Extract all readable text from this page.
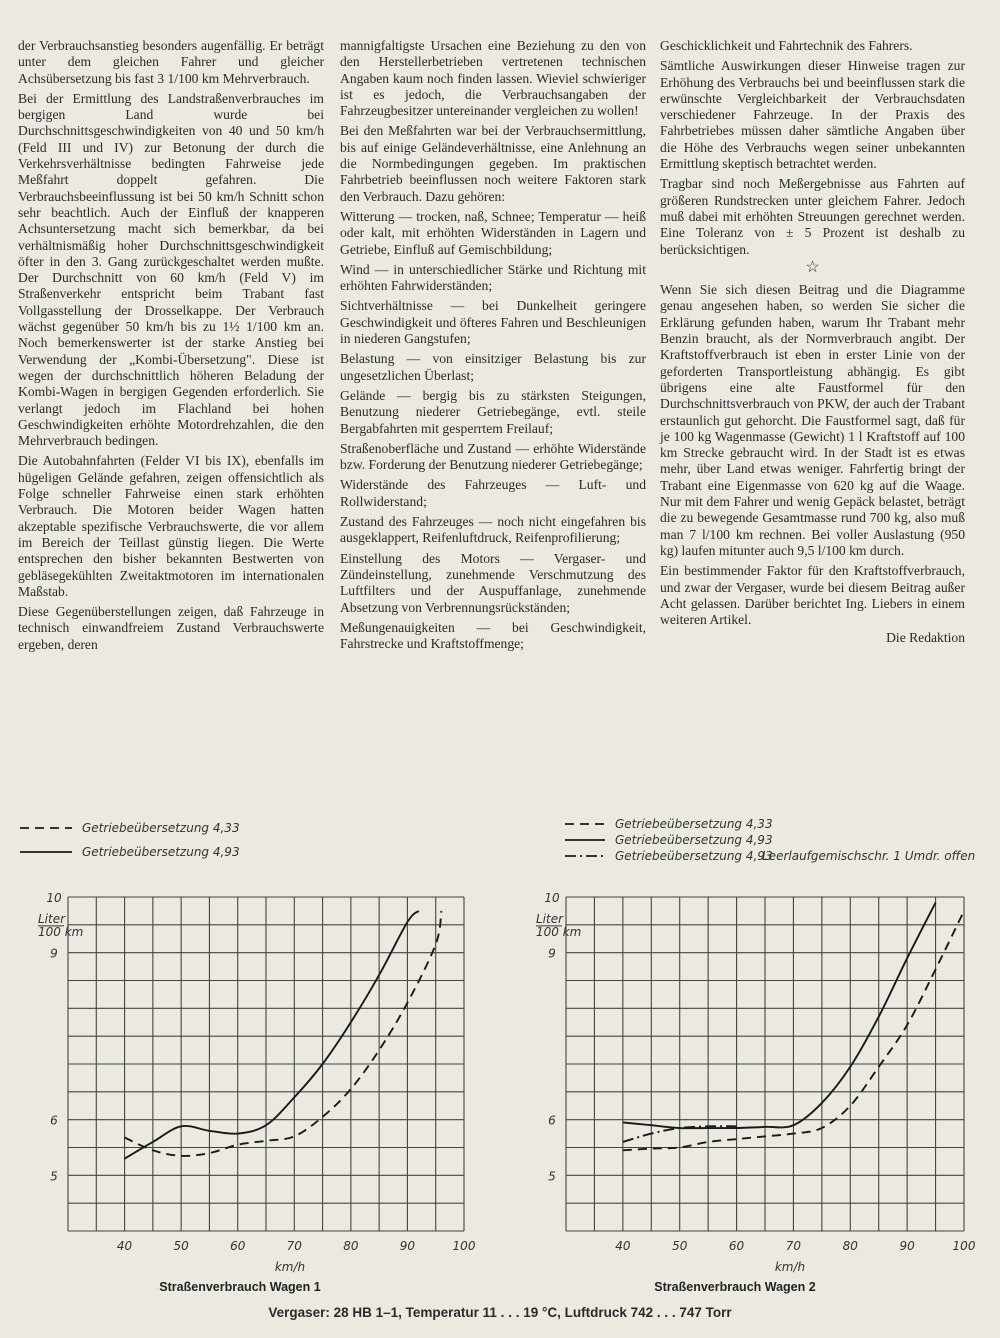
der Verbrauchsanstieg besonders augenfällig. Er beträgt unter dem gleichen Fahrer und gleicher Achsübersetzung bis fast 3 1/100 km Mehrverbrauch.

Bei der Ermittlung des Landstraßenverbrauches im bergigen Land wurde bei Durchschnittsgeschwindigkeiten von 40 und 50 km/h (Feld III und IV) zur Betonung der durch die Verkehrsverhältnisse bedingten Fahrweise jede Meßfahrt doppelt gefahren. Die Verbrauchsbeeinflussung ist bei 50 km/h Schnitt schon sehr beachtlich. Auch der Einfluß der knapperen Achsuntersetzung macht sich bemerkbar, da bei verhältnismäßig hoher Durchschnittsgeschwindigkeit öfter in den 3. Gang zurückgeschaltet werden mußte. Der Durchschnitt von 60 km/h (Feld V) im Straßenverkehr entspricht beim Trabant fast Vollgasstellung der Drosselkappe. Der Verbrauch wächst gegenüber 50 km/h bis zu 1½ 1/100 km an. Noch bemerkenswerter ist der starke Anstieg bei Verwendung der „Kombi-Übersetzung". Diese ist wegen der durchschnittlich höheren Beladung der Kombi-Wagen in bergigen Gegenden erforderlich. Sie verlangt jedoch im Flachland bei hohen Geschwindigkeiten erhöhte Motordrehzahlen, die den Mehrverbrauch bedingen.

Die Autobahnfahrten (Felder VI bis IX), ebenfalls im hügeligen Gelände gefahren, zeigen offensichtlich als Folge schneller Fahrweise einen stark erhöhten Verbrauch. Die Motoren beider Wagen hatten akzeptable spezifische Verbrauchswerte, die vor allem im Bereich der Teillast günstig liegen. Die Werte entsprechen den bisher bekannten Bestwerten von gebläsegekühlten Zweitaktmotoren im internationalen Maßstab.

Diese Gegenüberstellungen zeigen, daß Fahrzeuge in technisch einwandfreiem Zustand Verbrauchswerte ergeben, deren

mannigfaltigste Ursachen eine Beziehung zu den von den Herstellerbetrieben vertretenen technischen Angaben kaum noch finden lassen. Wieviel schwieriger ist es jedoch, die Verbrauchsangaben der Fahrzeugbesitzer untereinander vergleichen zu wollen!

Bei den Meßfahrten war bei der Verbrauchsermittlung, bis auf einige Geländeverhältnisse, eine Anlehnung an die Normbedingungen gegeben. Im praktischen Fahrbetrieb beeinflussen noch weitere Faktoren stark den Verbrauch. Dazu gehören:

Witterung — trocken, naß, Schnee; Temperatur — heiß oder kalt, mit erhöhten Widerständen in Lagern und Getriebe, Einfluß auf Gemischbildung;

Wind — in unterschiedlicher Stärke und Richtung mit erhöhten Fahrwiderständen;

Sichtverhältnisse — bei Dunkelheit geringere Geschwindigkeit und öfteres Fahren und Beschleunigen in niederen Gangstufen;

Belastung — von einsitziger Belastung bis zur ungesetzlichen Überlast;

Gelände — bergig bis zu stärksten Steigungen, Benutzung niederer Getriebegänge, evtl. steile Bergabfahrten mit gesperrtem Freilauf;

Straßenoberfläche und Zustand — erhöhte Widerstände bzw. Forderung der Benutzung niederer Getriebegänge;

Widerstände des Fahrzeuges — Luft- und Rollwiderstand;

Zustand des Fahrzeuges — noch nicht eingefahren bis ausgeklappert, Reifenluftdruck, Reifenprofilierung;

Einstellung des Motors — Vergaser- und Zündeinstellung, zunehmende Verschmutzung des Luftfilters und der Auspuffanlage, zunehmende Absetzung von Verbrennungsrückständen;

Meßungenauigkeiten — bei Geschwindigkeit, Fahrstrecke und Kraftstoffmenge;

Geschicklichkeit und Fahrtechnik des Fahrers.

Sämtliche Auswirkungen dieser Hinweise tragen zur Erhöhung des Verbrauchs bei und beeinflussen stark die erwünschte Vergleichbarkeit der Verbrauchsdaten verschiedener Fahrzeuge. In der Praxis des Fahrbetriebes müssen daher sämtliche Angaben über die Höhe des Verbrauchs wegen seiner unbekannten Ermittlung skeptisch betrachtet werden.

Tragbar sind noch Meßergebnisse aus Fahrten auf größeren Rundstrecken unter gleichem Fahrer. Jedoch muß dabei mit erhöhten Streuungen gerechnet werden. Eine Toleranz von ± 5 Prozent ist deshalb zu berücksichtigen.

☆

Wenn Sie sich diesen Beitrag und die Diagramme genau angesehen haben, so werden Sie sicher die Erklärung gefunden haben, warum Ihr Trabant mehr Benzin braucht, als der Normverbrauch angibt. Der Kraftstoffverbrauch ist eben in erster Linie von der geforderten Transportleistung abhängig. Es gibt übrigens eine alte Faustformel für den Durchschnittsverbrauch von PKW, der auch der Trabant erstaunlich gut gehorcht. Die Faustformel sagt, daß für je 100 kg Wagenmasse (Gewicht) 1 l Kraftstoff auf 100 km Strecke gebraucht wird. In der Stadt ist es etwas mehr, über Land etwas weniger. Fahrfertig bringt der Trabant eine Eigenmasse von 620 kg auf die Waage. Nur mit dem Fahrer und wenig Gepäck belastet, beträgt die zu bewegende Gesamtmasse rund 700 kg, also muß man 7 l/100 km rechnen. Bei voller Auslastung (950 kg) laufen mitunter auch 9,5 l/100 km durch.

Ein bestimmender Faktor für den Kraftstoffverbrauch, und zwar der Vergaser, wurde bei diesem Beitrag außer Acht gelassen. Darüber berichtet Ing. Liebers in einem weiteren Artikel.

Die Redaktion
5
6
9
10
40	50	60	70	80	90	100
Liter
100 km
km/h
Straßenverbrauch Wagen 1
Getriebeübersetzung 4,33
Getriebeübersetzung 4,93
5
6
9
10
40	50	60	70	80	90	100
Liter
100 km
km/h
Straßenverbrauch Wagen 2
Getriebeübersetzung 4,33
Getriebeübersetzung 4,93
Getriebeübersetzung 4,93
Leerlaufgemischschr. 1 Umdr. offen
Vergaser: 28 HB 1–1, Temperatur 11 . . . 19 °C, Luftdruck 742 . . . 747 Torr
